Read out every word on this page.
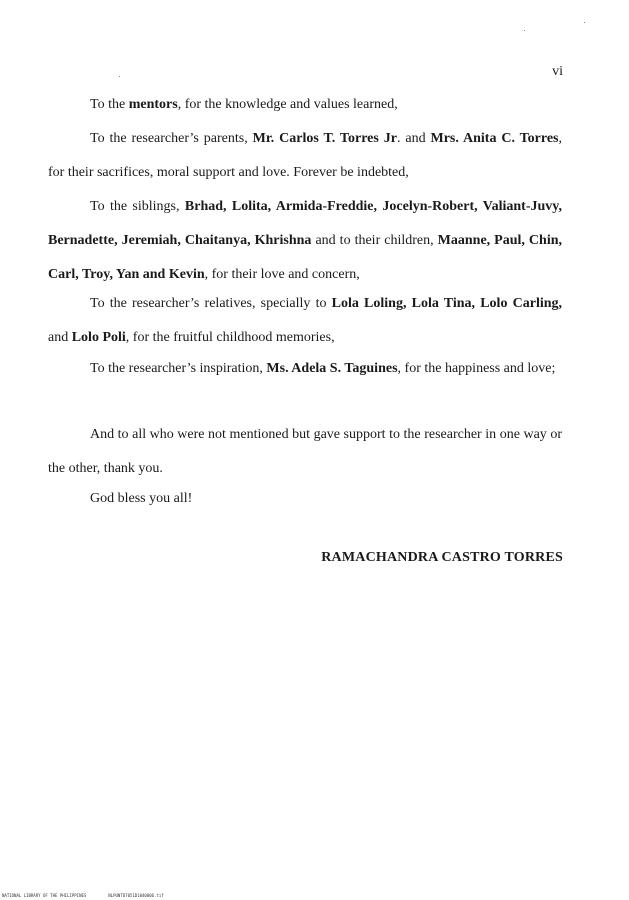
vi

To the mentors, for the knowledge and values learned,

To the researcher’s parents, Mr. Carlos T. Torres Jr. and Mrs. Anita C. Torres, for their sacrifices, moral support and love. Forever be indebted,

To the siblings, Brhad, Lolita, Armida-Freddie, Jocelyn-Robert, Valiant-Juvy, Bernadette, Jeremiah, Chaitanya, Khrishna and to their children, Maanne, Paul, Chin, Carl, Troy, Yan and Kevin, for their love and concern,

To the researcher’s relatives, specially to Lola Loling, Lola Tina, Lolo Carling, and Lolo Poli, for the fruitful childhood memories,

To the researcher’s inspiration, Ms. Adela S. Taguines, for the happiness and love;

And to all who were not mentioned but gave support to the researcher in one way or the other, thank you.

God bless you all!

RAMACHANDRA CASTRO TORRES
NATIONAL LIBRARY OF THE PHILIPPINES	NLPUNTD7051D1040006.tif
